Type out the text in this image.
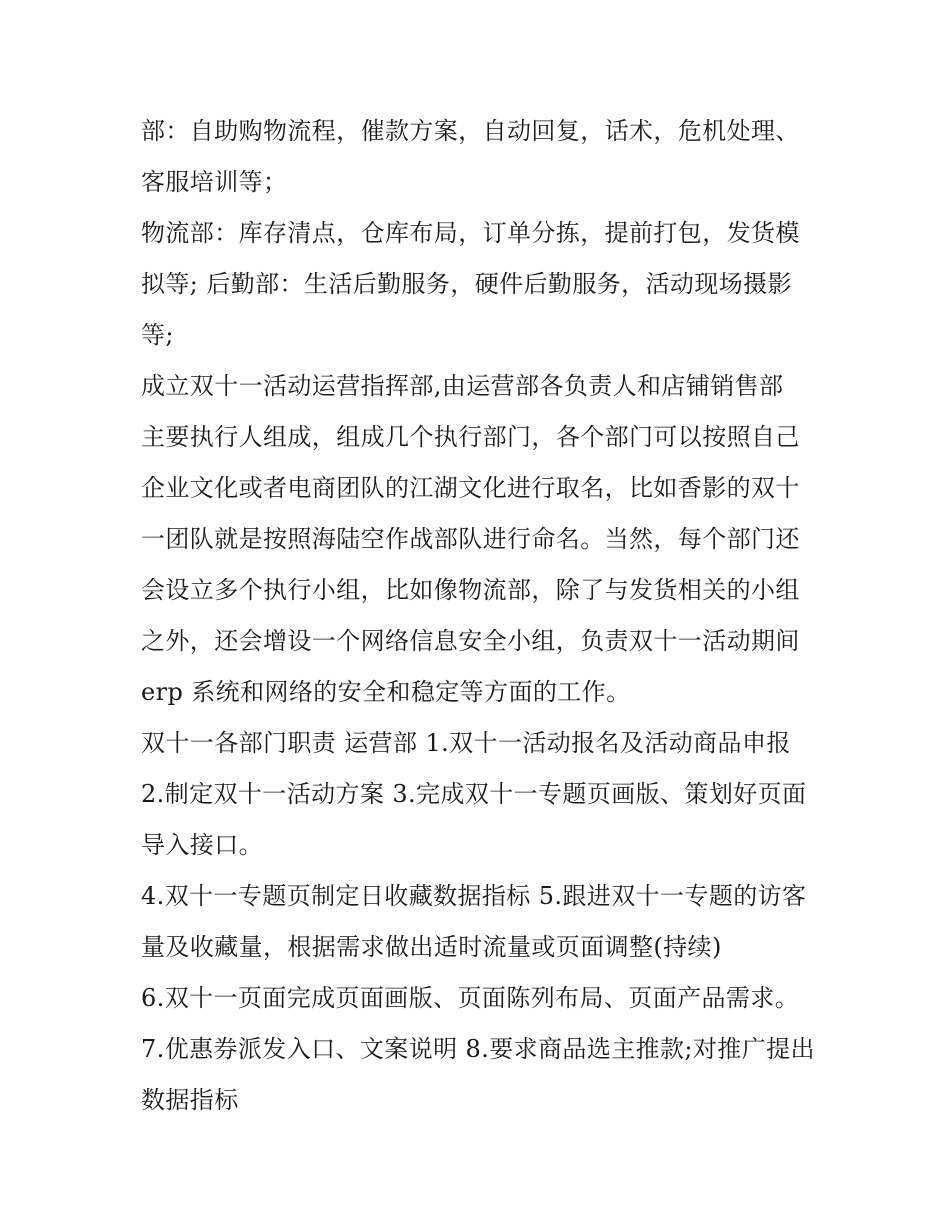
部：自助购物流程，催款方案，自动回复，话术，危机处理、
客服培训等；
物流部：库存清点，仓库布局，订单分拣，提前打包，发货模
拟等; 后勤部：生活后勤服务，硬件后勤服务，活动现场摄影
等;
成立双十一活动运营指挥部,由运营部各负责人和店铺销售部
主要执行人组成，组成几个执行部门，各个部门可以按照自己
企业文化或者电商团队的江湖文化进行取名，比如香影的双十
一团队就是按照海陆空作战部队进行命名。当然，每个部门还
会设立多个执行小组，比如像物流部，除了与发货相关的小组
之外，还会增设一个网络信息安全小组，负责双十一活动期间
erp 系统和网络的安全和稳定等方面的工作。
双十一各部门职责 运营部 1.双十一活动报名及活动商品申报
2.制定双十一活动方案 3.完成双十一专题页画版、策划好页面
导入接口。
4.双十一专题页制定日收藏数据指标 5.跟进双十一专题的访客
量及收藏量，根据需求做出适时流量或页面调整(持续)
6.双十一页面完成页面画版、页面陈列布局、页面产品需求。
7.优惠券派发入口、文案说明 8.要求商品选主推款;对推广提出
数据指标
